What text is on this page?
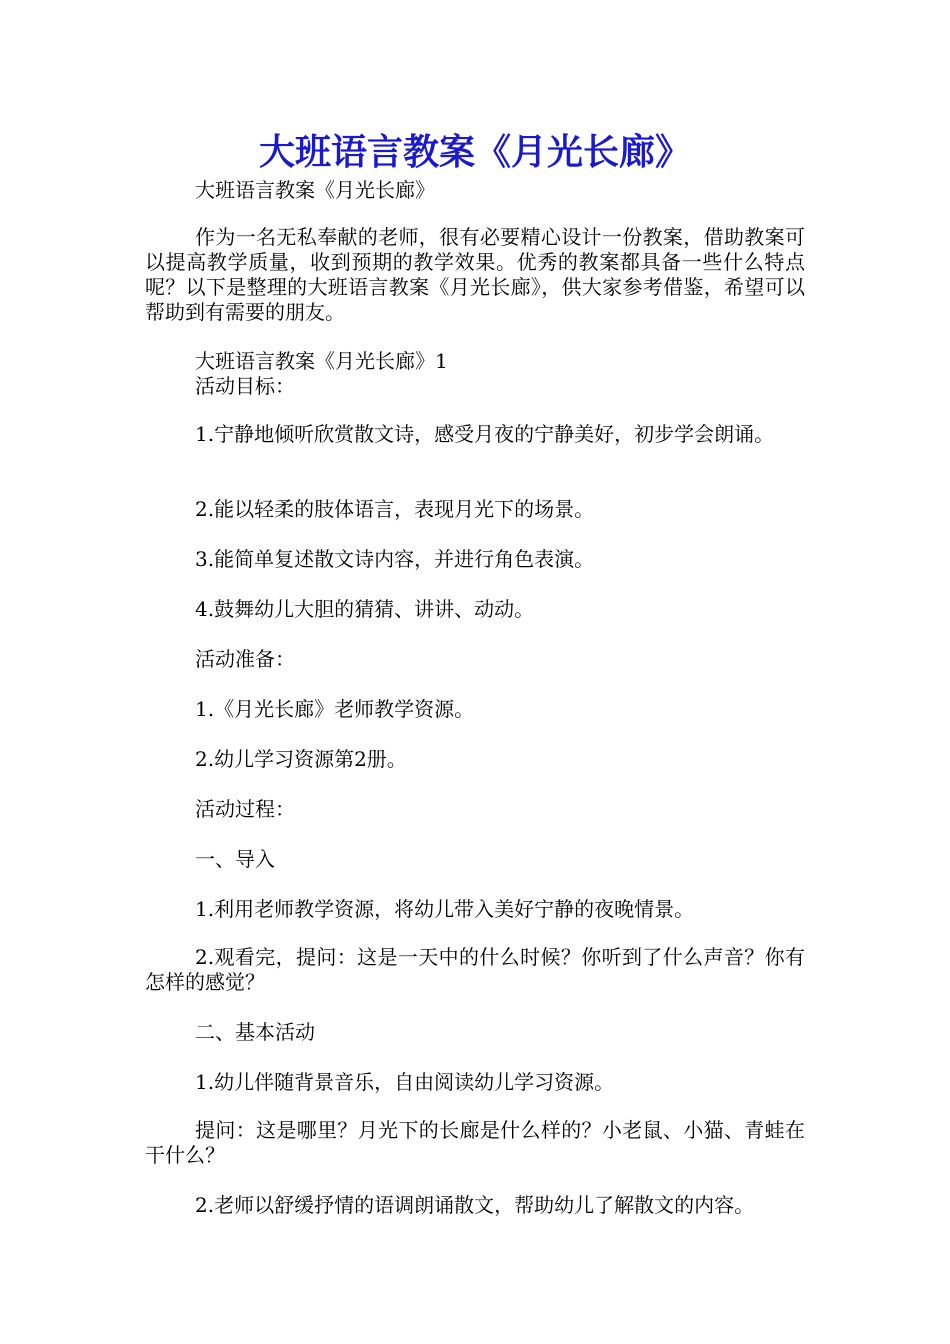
大班语言教案《月光长廊》
大班语言教案《月光长廊》
作为一名无私奉献的老师，很有必要精心设计一份教案，借助教案可以提高教学质量，收到预期的教学效果。优秀的教案都具备一些什么特点呢？以下是整理的大班语言教案《月光长廊》，供大家参考借鉴，希望可以帮助到有需要的朋友。
大班语言教案《月光长廊》1
活动目标：
1.宁静地倾听欣赏散文诗，感受月夜的宁静美好，初步学会朗诵。
2.能以轻柔的肢体语言，表现月光下的场景。
3.能简单复述散文诗内容，并进行角色表演。
4.鼓舞幼儿大胆的猜猜、讲讲、动动。
活动准备：
1.《月光长廊》老师教学资源。
2.幼儿学习资源第2册。
活动过程：
一、导入
1.利用老师教学资源，将幼儿带入美好宁静的夜晚情景。
2.观看完，提问：这是一天中的什么时候？你听到了什么声音？你有怎样的感觉？
二、基本活动
1.幼儿伴随背景音乐，自由阅读幼儿学习资源。
提问：这是哪里？月光下的长廊是什么样的？小老鼠、小猫、青蛙在干什么？
2.老师以舒缓抒情的语调朗诵散文，帮助幼儿了解散文的内容。
